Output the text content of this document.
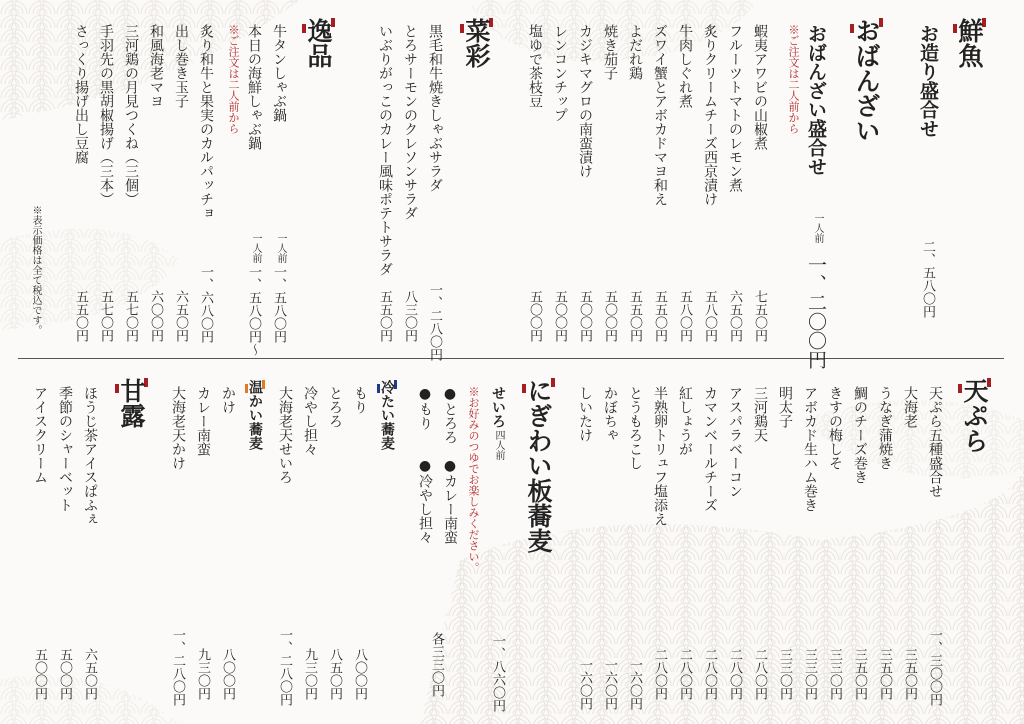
鮮魚
お造り盛合せ
二、五八〇円
おばんざい
おばんざい盛合せ
※ご注文は二人前から
一人前
一、二〇〇円
蝦夷アワビの山椒煮
七五〇円
フルーツトマトのレモン煮
六五〇円
炙りクリームチーズ西京漬け
五八〇円
牛肉しぐれ煮
五八〇円
ズワイ蟹とアボカドマヨ和え
五五〇円
よだれ鶏
五五〇円
焼き茄子
五〇〇円
カジキマグロの南蛮漬け
五〇〇円
レンコンチップ
五〇〇円
塩ゆで茶枝豆
五〇〇円
菜彩
黒毛和牛焼きしゃぶサラダ
一、二八〇円
とろサーモンのクレソンサラダ
八三〇円
いぶりがっこのカレー風味ポテトサラダ
五五〇円
逸品
牛タンしゃぶ鍋
一人前
一、五八〇円
本日の海鮮しゃぶ鍋
一人前
一、五八〇円～
※ご注文は二人前から
炙り和牛と果実のカルパッチョ
一、六八〇円
出し巻き玉子
六五〇円
和風海老マヨ
六〇〇円
三河鶏の月見つくね（三個）
五七〇円
手羽先の黒胡椒揚げ（三本）
五七〇円
さっくり揚げ出し豆腐
五五〇円
※表示価格は全て税込です。
天ぷら
天ぷら五種盛合せ
一、三〇〇円
大海老
三五〇円
うなぎ蒲焼き
三五〇円
鯛のチーズ巻き
三五〇円
きすの梅しそ
三三〇円
アボカド生ハム巻き
三三〇円
明太子
三三〇円
三河鶏天
二八〇円
アスパラベーコン
二八〇円
カマンベールチーズ
二八〇円
紅しょうが
二八〇円
半熟卵トリュフ塩添え
二八〇円
とうもろこし
一六〇円
かぼちゃ
一六〇円
しいたけ
一六〇円
にぎわい板蕎麦
せいろ
四人前
一、八六〇円
※お好みのつゆでお楽しみください。
●とろろ　●カレー南蛮
●もり　　●冷やし担々
各三三〇円
冷たい蕎麦
もり
八〇〇円
とろろ
八五〇円
冷やし担々
九三〇円
大海老天せいろ
一、二八〇円
温かい蕎麦
かけ
八〇〇円
カレー南蛮
九三〇円
大海老天かけ
一、二八〇円
甘露
ほうじ茶アイスぱふぇ
六五〇円
季節のシャーベット
五〇〇円
アイスクリーム
五〇〇円
